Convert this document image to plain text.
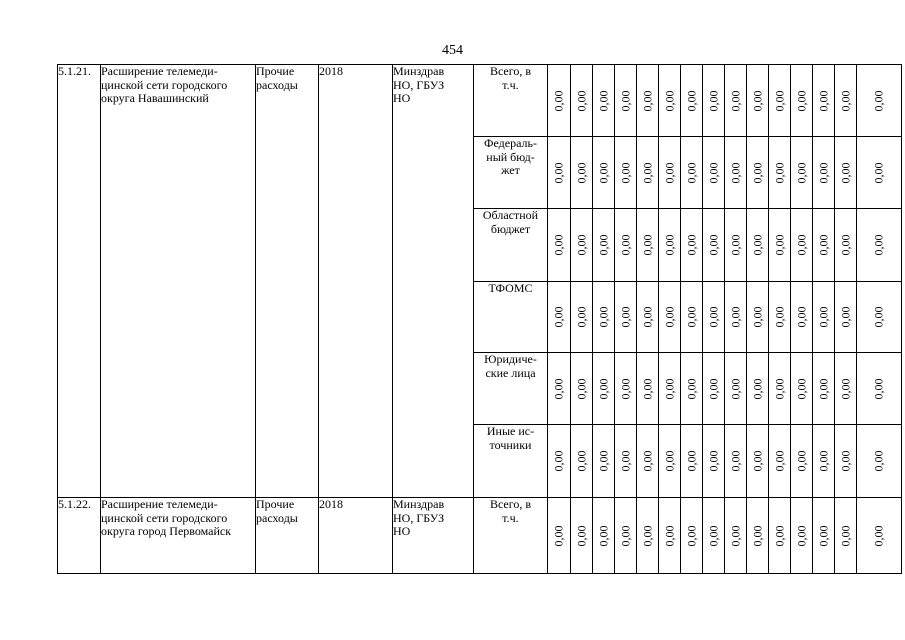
454
5.1.21.	Расширение телемеди-
цинской сети городского
округа Навашинский	Прочие
расходы	2018	Минздрав
НО, ГБУЗ
НО	Всего, в
т.ч.	0,00	0,00	0,00	0,00	0,00	0,00	0,00	0,00	0,00	0,00	0,00	0,00	0,00	0,00	0,00

					Федераль-
ный бюд-
жет	0,00	0,00	0,00	0,00	0,00	0,00	0,00	0,00	0,00	0,00	0,00	0,00	0,00	0,00	0,00

					Областной
бюджет	0,00	0,00	0,00	0,00	0,00	0,00	0,00	0,00	0,00	0,00	0,00	0,00	0,00	0,00	0,00

					ТФОМС	0,00	0,00	0,00	0,00	0,00	0,00	0,00	0,00	0,00	0,00	0,00	0,00	0,00	0,00	0,00

					Юридиче-
ские лица	0,00	0,00	0,00	0,00	0,00	0,00	0,00	0,00	0,00	0,00	0,00	0,00	0,00	0,00	0,00

					Иные ис-
точники	0,00	0,00	0,00	0,00	0,00	0,00	0,00	0,00	0,00	0,00	0,00	0,00	0,00	0,00	0,00

5.1.22.	Расширение телемеди-
цинской сети городского
округа город Первомайск	Прочие
расходы	2018	Минздрав
НО, ГБУЗ
НО	Всего, в
т.ч.	0,00	0,00	0,00	0,00	0,00	0,00	0,00	0,00	0,00	0,00	0,00	0,00	0,00	0,00	0,00
